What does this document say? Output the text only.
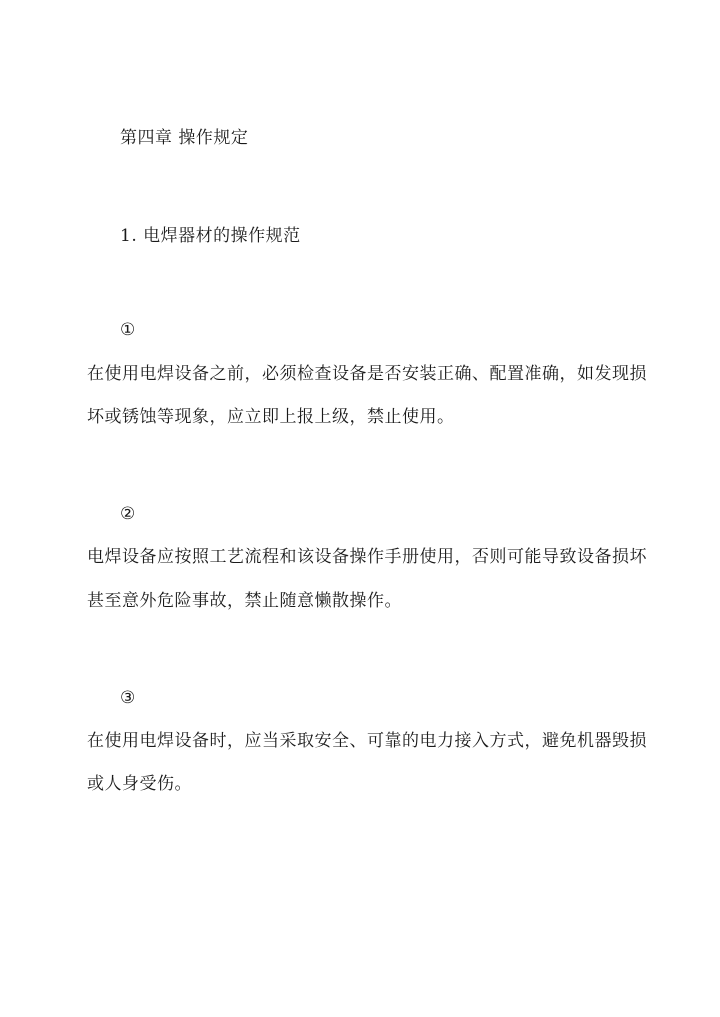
第四章 操作规定
1. 电焊器材的操作规范
①
在使用电焊设备之前，必须检查设备是否安装正确、配置准确，如发现损
坏或锈蚀等现象，应立即上报上级，禁止使用。
②
电焊设备应按照工艺流程和该设备操作手册使用，否则可能导致设备损坏
甚至意外危险事故，禁止随意懒散操作。
③
在使用电焊设备时，应当采取安全、可靠的电力接入方式，避免机器毁损
或人身受伤。
